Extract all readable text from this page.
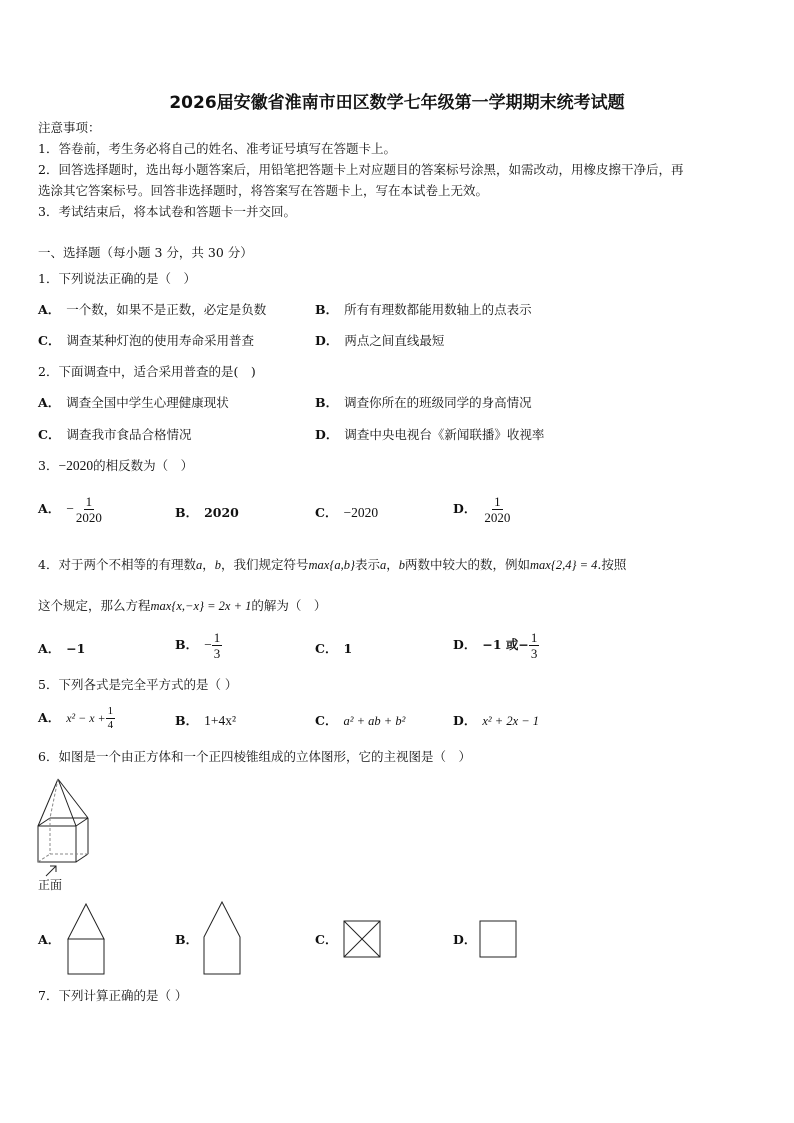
2026届安徽省淮南市田区数学七年级第一学期期末统考试题
注意事项：
1．答卷前，考生务必将自己的姓名、准考证号填写在答题卡上。
2．回答选择题时，选出每小题答案后，用铅笔把答题卡上对应题目的答案标号涂黑，如需改动，用橡皮擦干净后，再
选涂其它答案标号。回答非选择题时，将答案写在答题卡上，写在本试卷上无效。
3．考试结束后，将本试卷和答题卡一并交回。
一、选择题（每小题 3 分，共 30 分）
1．下列说法正确的是（　）
A． 一个数，如果不是正数，必定是负数	B． 所有有理数都能用数轴上的点表示
C． 调查某种灯泡的使用寿命采用普查	D． 两点之间直线最短
2．下面调查中，适合采用普查的是(　)
A． 调查全国中学生心理健康现状	B． 调查你所在的班级同学的身高情况
C． 调查我市食品合格情况	D． 调查中央电视台《新闻联播》收视率
3．−2020的相反数为（　）
A． − $\frac{1}{2020}$	B． 2020	C． −2020	D． $\frac{1}{2020}$
4．对于两个不相等的有理数a，b，我们规定符号max{a,b}表示a，b两数中较大的数，例如max{2,4} = 4.按照
这个规定，那么方程max{x,−x} = 2x + 1的解为（　）
A． −1	B． − $\frac{1}{3}$	C． 1	D． −1 或− $\frac{1}{3}$
5．下列各式是完全平方式的是（ ）
A． $x^2 - x + \frac{1}{4}$	B． 1+4x²	C． a² + ab + b²	D． x² + 2x − 1
6．如图是一个由正方体和一个正四棱锥组成的立体图形，它的主视图是（　）
正面
A．	B．	C．	D．
7．下列计算正确的是（ ）
